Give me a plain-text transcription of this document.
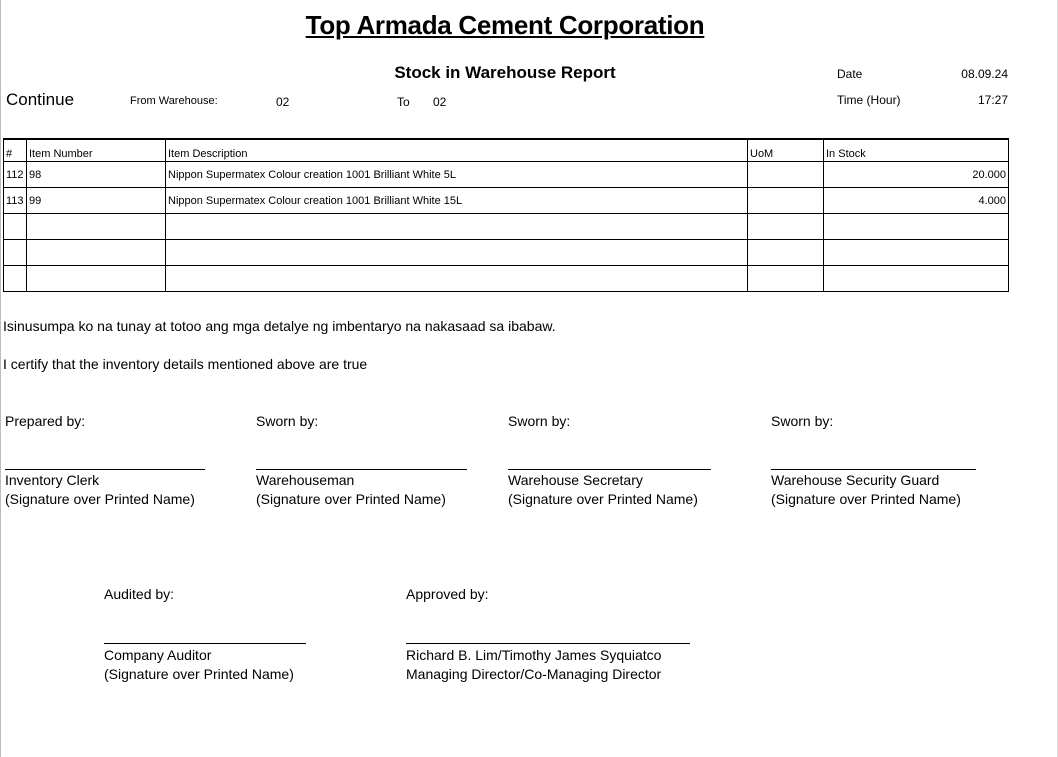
Top Armada Cement Corporation
Stock in Warehouse Report	Date	08.09.24
Time (Hour)	17:27
Continue	From Warehouse:	02	To 02
#	Item Number	Item Description	UoM	In Stock
112	98	Nippon Supermatex Colour creation 1001 Brilliant White 5L		20.000
113	99	Nippon Supermatex Colour creation 1001 Brilliant White 15L		4.000

Isinusumpa ko na tunay at totoo ang mga detalye ng imbentaryo na nakasaad sa ibabaw.
I certify that the inventory details mentioned above are true
Prepared by:
Inventory Clerk
(Signature over Printed Name)
Sworn by:
Warehouseman
(Signature over Printed Name)
Sworn by:
Warehouse Secretary
(Signature over Printed Name)
Sworn by:
Warehouse Security Guard
(Signature over Printed Name)
Audited by:
Company Auditor
(Signature over Printed Name)
Approved by:
Richard B. Lim/Timothy James Syquiatco
Managing Director/Co-Managing Director
